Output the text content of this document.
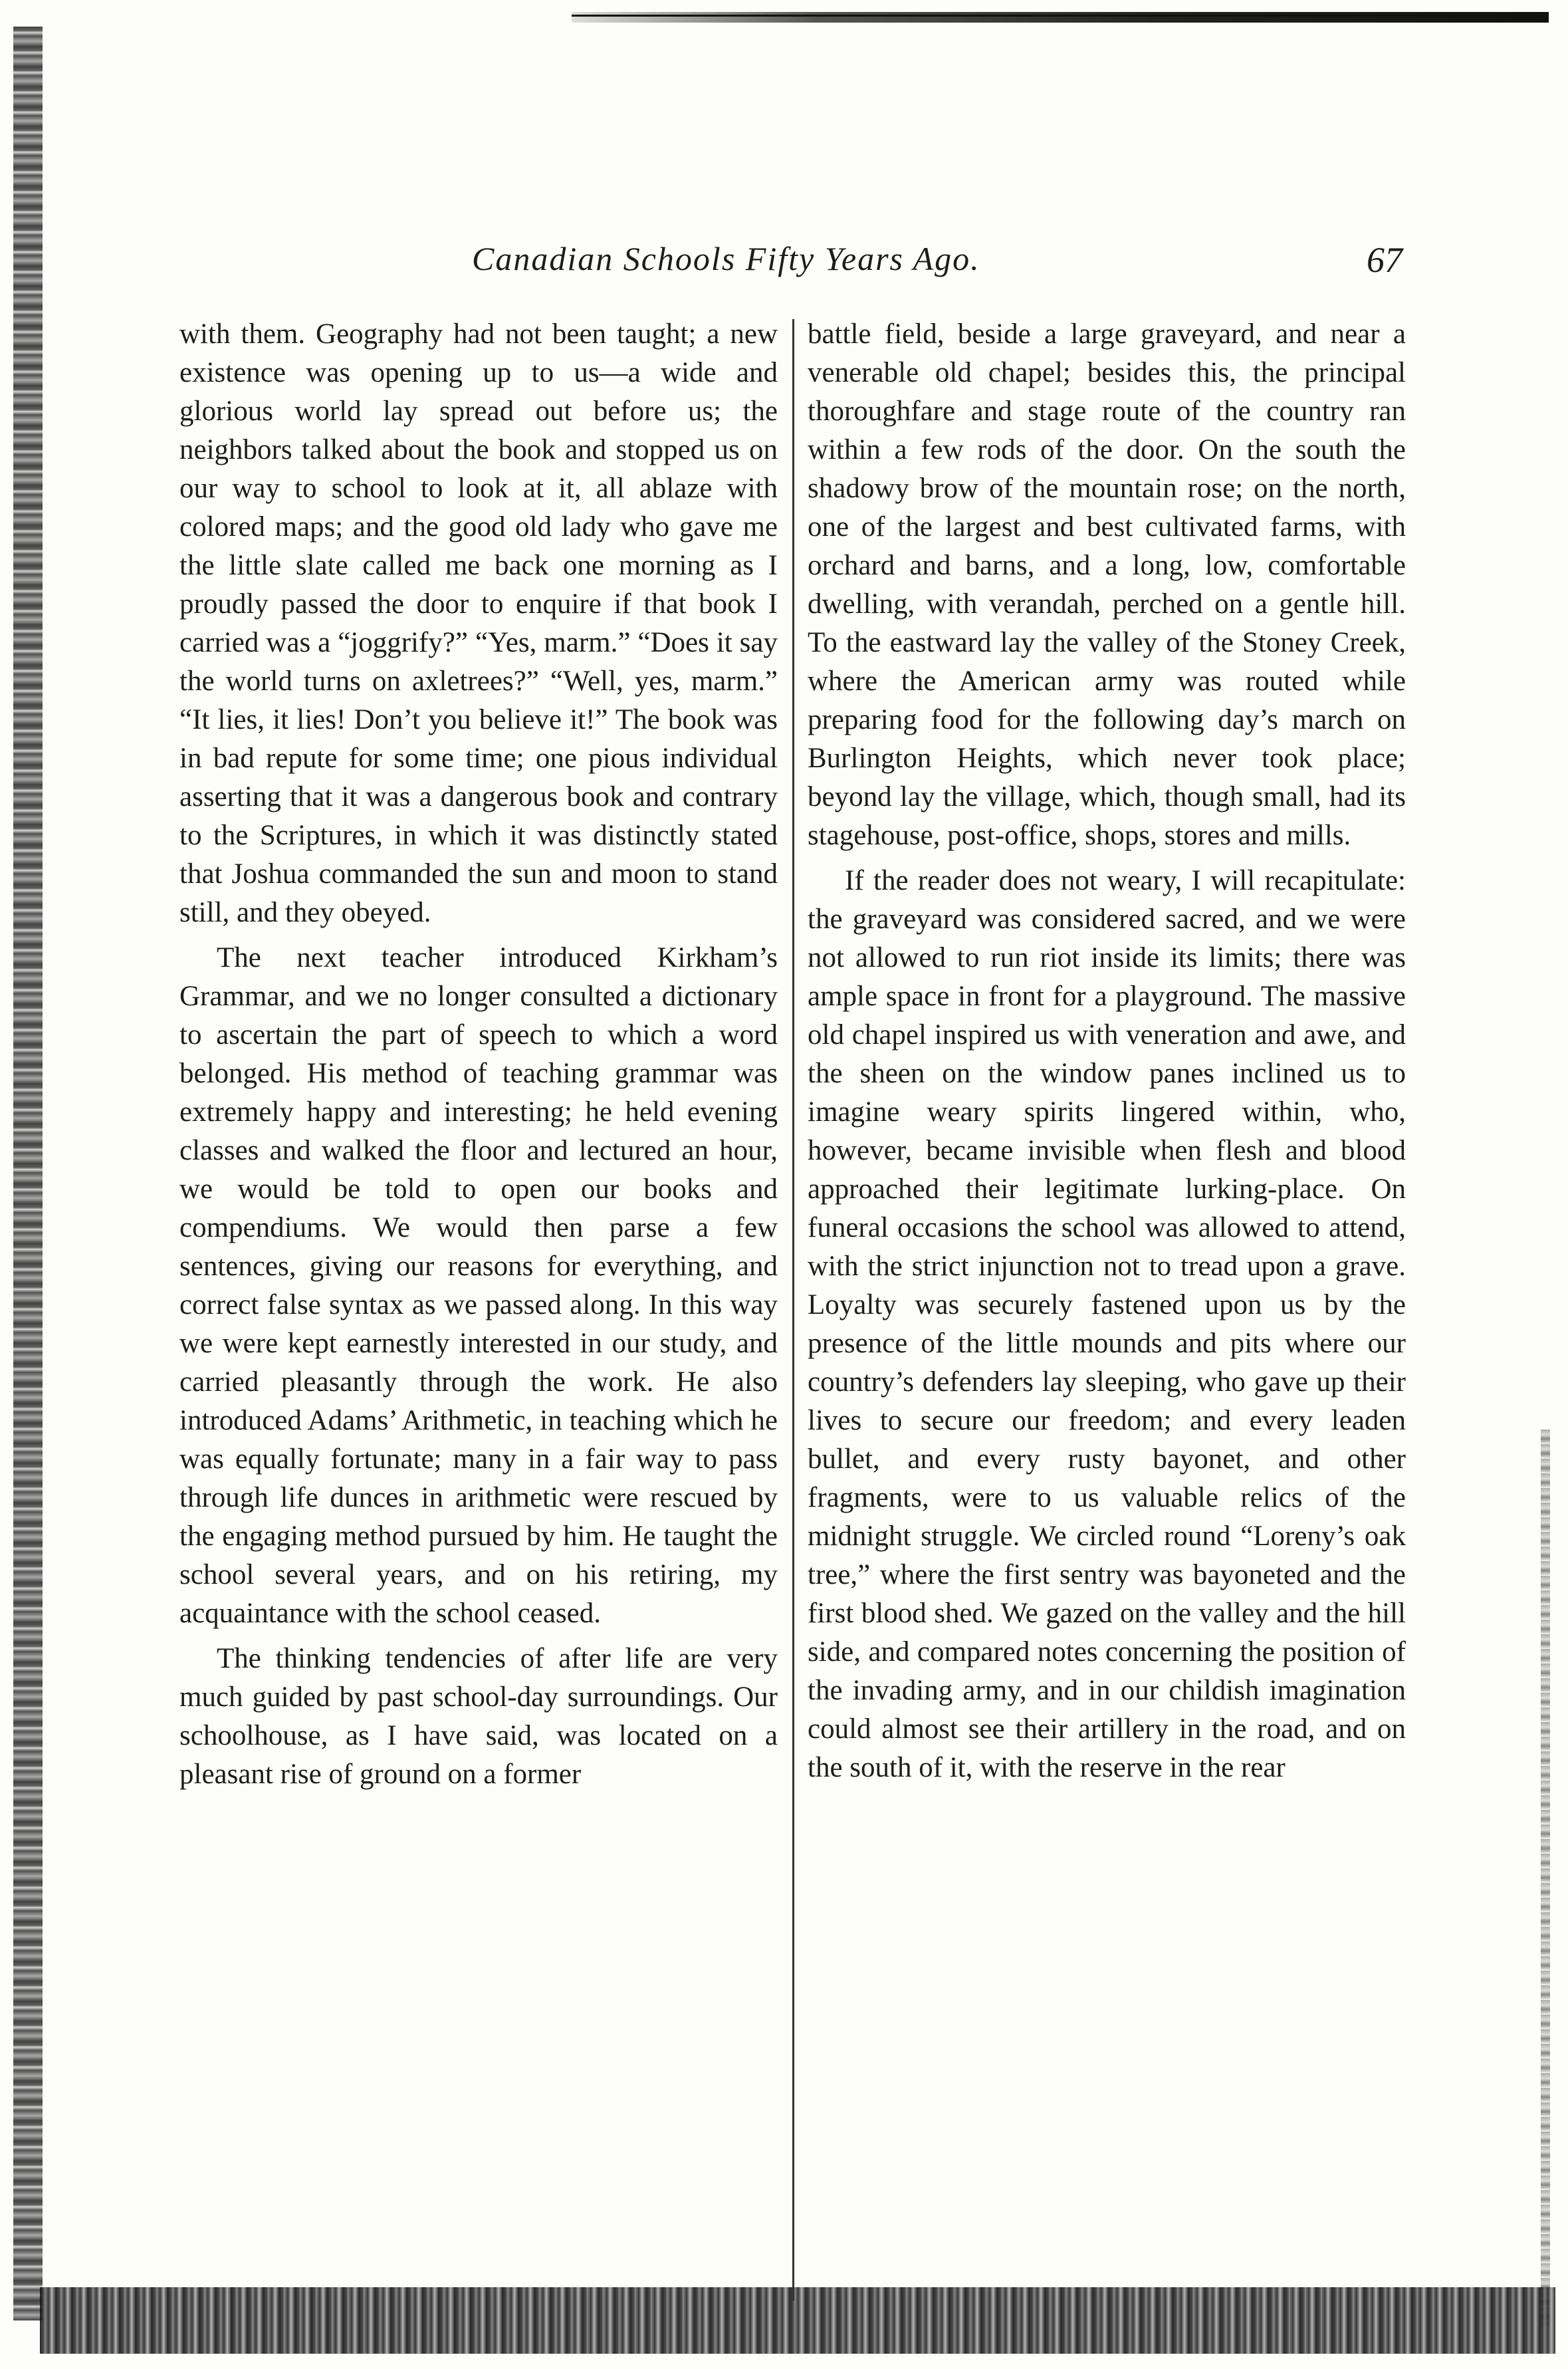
Canadian Schools Fifty Years Ago.	67

with them. Geography had not been taught; a new existence was opening up to us—a wide and glorious world lay spread out before us; the neighbors talked about the book and stopped us on our way to school to look at it, all ablaze with colored maps; and the good old lady who gave me the little slate called me back one morning as I proudly passed the door to enquire if that book I carried was a “joggrify?” “Yes, marm.” “Does it say the world turns on axletrees?” “Well, yes, marm.” “It lies, it lies! Don’t you believe it!” The book was in bad repute for some time; one pious individual asserting that it was a dangerous book and contrary to the Scriptures, in which it was distinctly stated that Joshua commanded the sun and moon to stand still, and they obeyed.

The next teacher introduced Kirkham’s Grammar, and we no longer consulted a dictionary to ascertain the part of speech to which a word belonged. His method of teaching grammar was extremely happy and interesting; he held evening classes and walked the floor and lectured an hour, we would be told to open our books and compendiums. We would then parse a few sentences, giving our reasons for everything, and correct false syntax as we passed along. In this way we were kept earnestly interested in our study, and carried pleasantly through the work. He also introduced Adams’ Arithmetic, in teaching which he was equally fortunate; many in a fair way to pass through life dunces in arithmetic were rescued by the engaging method pursued by him. He taught the school several years, and on his retiring, my acquaintance with the school ceased.

The thinking tendencies of after life are very much guided by past school-day surroundings. Our schoolhouse, as I have said, was located on a pleasant rise of ground on a former

battle field, beside a large graveyard, and near a venerable old chapel; besides this, the principal thoroughfare and stage route of the country ran within a few rods of the door. On the south the shadowy brow of the mountain rose; on the north, one of the largest and best cultivated farms, with orchard and barns, and a long, low, comfortable dwelling, with verandah, perched on a gentle hill. To the eastward lay the valley of the Stoney Creek, where the American army was routed while preparing food for the following day’s march on Burlington Heights, which never took place; beyond lay the village, which, though small, had its stagehouse, post-office, shops, stores and mills.

If the reader does not weary, I will recapitulate: the graveyard was considered sacred, and we were not allowed to run riot inside its limits; there was ample space in front for a playground. The massive old chapel inspired us with veneration and awe, and the sheen on the window panes inclined us to imagine weary spirits lingered within, who, however, became invisible when flesh and blood approached their legitimate lurking-place. On funeral occasions the school was allowed to attend, with the strict injunction not to tread upon a grave. Loyalty was securely fastened upon us by the presence of the little mounds and pits where our country’s defenders lay sleeping, who gave up their lives to secure our freedom; and every leaden bullet, and every rusty bayonet, and other fragments, were to us valuable relics of the midnight struggle. We circled round “Loreny’s oak tree,” where the first sentry was bayoneted and the first blood shed. We gazed on the valley and the hill side, and compared notes concerning the position of the invading army, and in our childish imagination could almost see their artillery in the road, and on the south of it, with the reserve in the rear
